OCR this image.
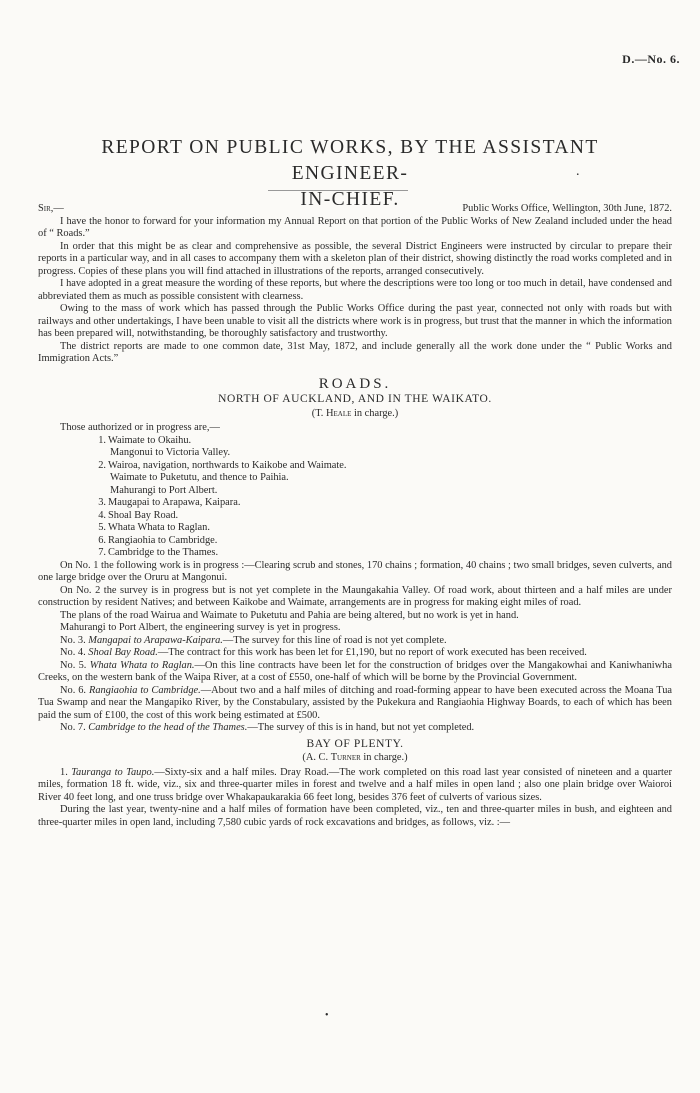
D.—No. 6.
REPORT ON PUBLIC WORKS, BY THE ASSISTANT ENGINEER-
IN-CHIEF.
.
Sir,—	Public Works Office, Wellington, 30th June, 1872.

I have the honor to forward for your information my Annual Report on that portion of the Public Works of New Zealand included under the head of “ Roads.”

In order that this might be as clear and comprehensive as possible, the several District Engineers were instructed by circular to prepare their reports in a particular way, and in all cases to accompany them with a skeleton plan of their district, showing distinctly the road works completed and in progress. Copies of these plans you will find attached in illustrations of the reports, arranged consecutively.

I have adopted in a great measure the wording of these reports, but where the descriptions were too long or too much in detail, have condensed and abbreviated them as much as possible consistent with clearness.

Owing to the mass of work which has passed through the Public Works Office during the past year, connected not only with roads but with railways and other undertakings, I have been unable to visit all the districts where work is in progress, but trust that the manner in which the information has been prepared will, notwithstanding, be thoroughly satisfactory and trustworthy.

The district reports are made to one common date, 31st May, 1872, and include generally all the work done under the “ Public Works and Immigration Acts.”

ROADS.
NORTH OF AUCKLAND, AND IN THE WAIKATO.
(T. Heale in charge.)

Those authorized or in progress are,—

1. Waimate to Okaihu.
Mangonui to Victoria Valley.
2. Wairoa, navigation, northwards to Kaikobe and Waimate.
Waimate to Puketutu, and thence to Paihia.
Mahurangi to Port Albert.
3. Maugapai to Arapawa, Kaipara.
4. Shoal Bay Road.
5. Whata Whata to Raglan.
6. Rangiaohia to Cambridge.
7. Cambridge to the Thames.

On No. 1 the following work is in progress :—Clearing scrub and stones, 170 chains ; formation, 40 chains ; two small bridges, seven culverts, and one large bridge over the Oruru at Mangonui.

On No. 2 the survey is in progress but is not yet complete in the Maungakahia Valley. Of road work, about thirteen and a half miles are under construction by resident Natives; and between Kaikobe and Waimate, arrangements are in progress for making eight miles of road.

The plans of the road Wairua and Waimate to Puketutu and Pahia are being altered, but no work is yet in hand.

Mahurangi to Port Albert, the engineering survey is yet in progress.

No. 3. Mangapai to Arapawa-Kaipara.—The survey for this line of road is not yet complete.

No. 4. Shoal Bay Road.—The contract for this work has been let for £1,190, but no report of work executed has been received.

No. 5. Whata Whata to Raglan.—On this line contracts have been let for the construction of bridges over the Mangakowhai and Kaniwhaniwha Creeks, on the western bank of the Waipa River, at a cost of £550, one-half of which will be borne by the Provincial Government.

No. 6. Rangiaohia to Cambridge.—About two and a half miles of ditching and road-forming appear to have been executed across the Moana Tua Tua Swamp and near the Mangapiko River, by the Constabulary, assisted by the Pukekura and Rangiaohia Highway Boards, to each of which has been paid the sum of £100, the cost of this work being estimated at £500.

No. 7. Cambridge to the head of the Thames.—The survey of this is in hand, but not yet completed.

BAY OF PLENTY.
(A. C. Turner in charge.)

1. Tauranga to Taupo.—Sixty-six and a half miles. Dray Road.—The work completed on this road last year consisted of nineteen and a quarter miles, formation 18 ft. wide, viz., six and three-quarter miles in forest and twelve and a half miles in open land ; also one plain bridge over Waioroi River 40 feet long, and one truss bridge over Whakapaukarakia 66 feet long, besides 376 feet of culverts of various sizes.

During the last year, twenty-nine and a half miles of formation have been completed, viz., ten and three-quarter miles in bush, and eighteen and three-quarter miles in open land, including 7,580 cubic yards of rock excavations and bridges, as follows, viz. :—

•
